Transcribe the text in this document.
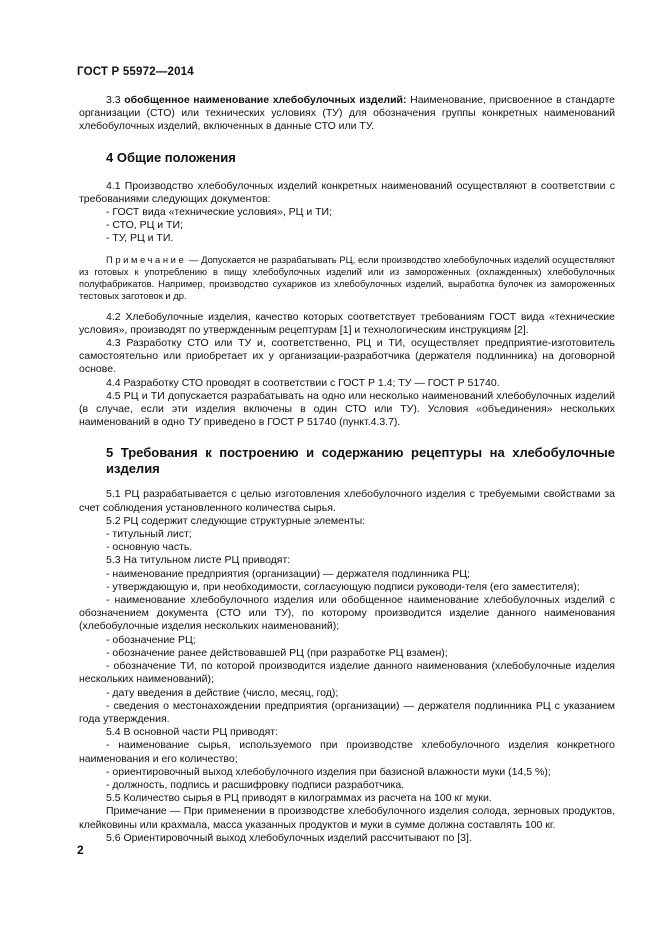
ГОСТ Р 55972—2014

3.3 обобщенное наименование хлебобулочных изделий: Наименование, присвоенное в стандарте организации (СТО) или технических условиях (ТУ) для обозначения группы конкретных наименований хлебобулочных изделий, включенных в данные СТО или ТУ.

4 Общие положения

4.1 Производство хлебобулочных изделий конкретных наименований осуществляют в соответствии с требованиями следующих документов:

- ГОСТ вида «технические условия», РЦ и ТИ;

- СТО, РЦ и ТИ;

- ТУ, РЦ и ТИ.

Примечание — Допускается не разрабатывать РЦ, если производство хлебобулочных изделий осуществляют из готовых к употреблению в пищу хлебобулочных изделий или из замороженных (охлажденных) хлебобулочных полуфабрикатов. Например, производство сухариков из хлебобулочных изделий, выработка булочек из замороженных тестовых заготовок и др.

4.2 Хлебобулочные изделия, качество которых соответствует требованиям ГОСТ вида «технические условия», производят по утвержденным рецептурам [1] и технологическим инструкциям [2].

4.3 Разработку СТО или ТУ и, соответственно, РЦ и ТИ, осуществляет предприятие-изготовитель самостоятельно или приобретает их у организации-разработчика (держателя подлинника) на договорной основе.

4.4 Разработку СТО проводят в соответствии с ГОСТ Р 1.4; ТУ — ГОСТ Р 51740.

4.5 РЦ и ТИ допускается разрабатывать на одно или несколько наименований хлебобулочных изделий (в случае, если эти изделия включены в один СТО или ТУ). Условия «объединения» нескольких наименований в одно ТУ приведено в ГОСТ Р 51740 (пункт.4.3.7).

5 Требования к построению и содержанию рецептуры на хлебобулочные изделия

5.1 РЦ разрабатывается с целью изготовления хлебобулочного изделия с требуемыми свойствами за счет соблюдения установленного количества сырья.

5.2 РЦ содержит следующие структурные элементы:

- титульный лист;

- основную часть.

5.3 На титульном листе РЦ приводят:

- наименование предприятия (организации) — держателя подлинника РЦ;

- утверждающую и, при необходимости, согласующую подписи руководи-теля (его заместителя);

- наименование хлебобулочного изделия или обобщенное наименование хлебобулочных изделий с обозначением документа (СТО или ТУ), по которому производится изделие данного наименования (хлебобулочные изделия нескольких наименований);

- обозначение РЦ;

- обозначение ранее действовавшей РЦ (при разработке РЦ взамен);

- обозначение ТИ, по которой производится изделие данного наименования (хлебобулочные изделия нескольких наименований);

- дату введения в действие (число, месяц, год);

- сведения о местонахождении предприятия (организации) — держателя подлинника РЦ с указанием года утверждения.

5.4 В основной части РЦ приводят:

- наименование сырья, используемого при производстве хлебобулочного изделия конкретного наименования и его количество;

- ориентировочный выход хлебобулочного изделия при базисной влажности муки (14,5 %);

- должность, подпись и расшифровку подписи разработчика.

5.5 Количество сырья в РЦ приводят в килограммах из расчета на 100 кг муки.

Примечание — При применении в производстве хлебобулочного изделия солода, зерновых продуктов, клейковины или крахмала, масса указанных продуктов и муки в сумме должна составлять 100 кг.

5.6 Ориентировочный выход хлебобулочных изделий рассчитывают по [3].

2
